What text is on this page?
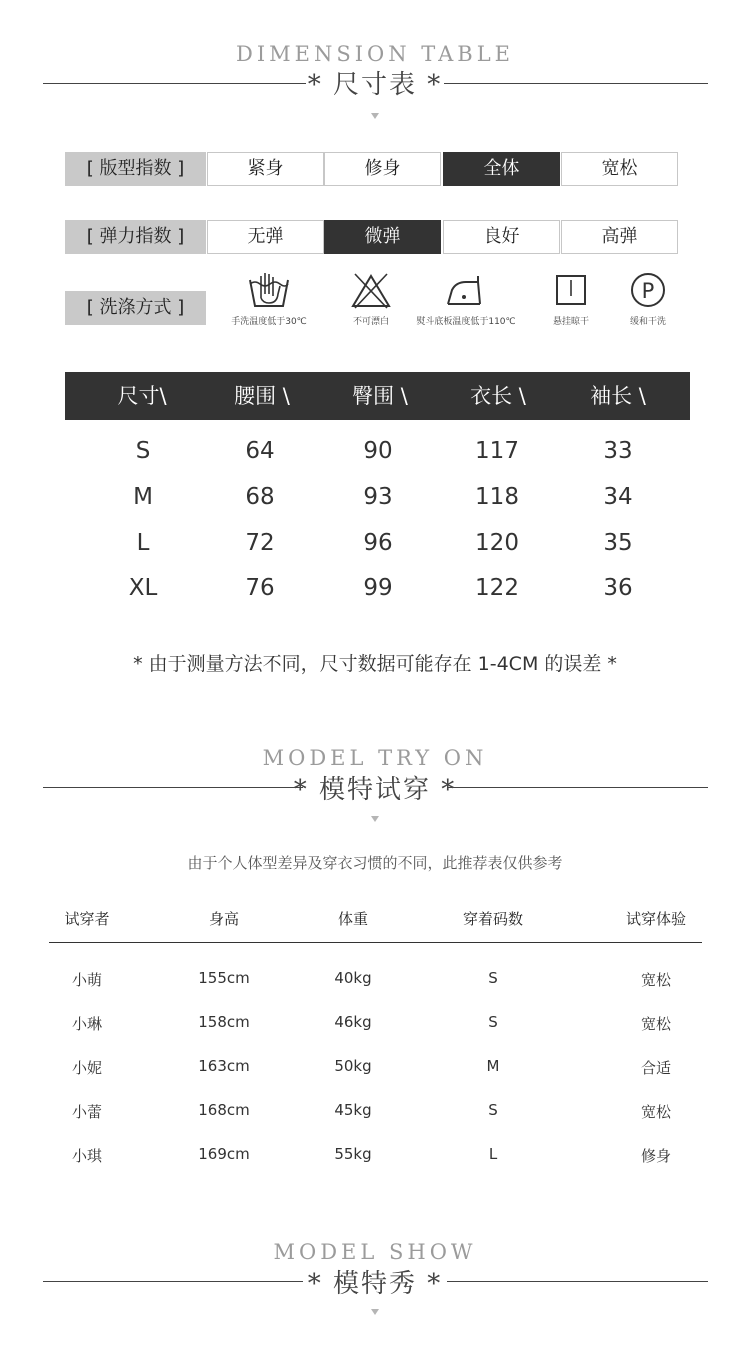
DIMENSION TABLE
* 尺寸表 *
[ 版型指数 ]	紧身	修身	全体	宽松
[ 弹力指数 ]	无弹	微弹	良好	高弹
[ 洗涤方式 ]
手洗温度低于30℃	不可漂白	熨斗底板温度低于110℃	悬挂晾干
P
缓和干洗
尺寸\	腰围 \	臀围 \	衣长 \	袖长 \
S	64	90	117	33
M	68	93	118	34
L	72	96	120	35
XL	76	99	122	36
* 由于测量方法不同，尺寸数据可能存在 1-4CM 的误差 *
MODEL TRY ON
* 模特试穿 *
由于个人体型差异及穿衣习惯的不同，此推荐表仅供参考
试穿者	身高	体重	穿着码数	试穿体验
小萌	155cm	40kg	S	宽松
小琳	158cm	46kg	S	宽松
小妮	163cm	50kg	M	合适
小蕾	168cm	45kg	S	宽松
小琪	169cm	55kg	L	修身
MODEL SHOW
* 模特秀 *
